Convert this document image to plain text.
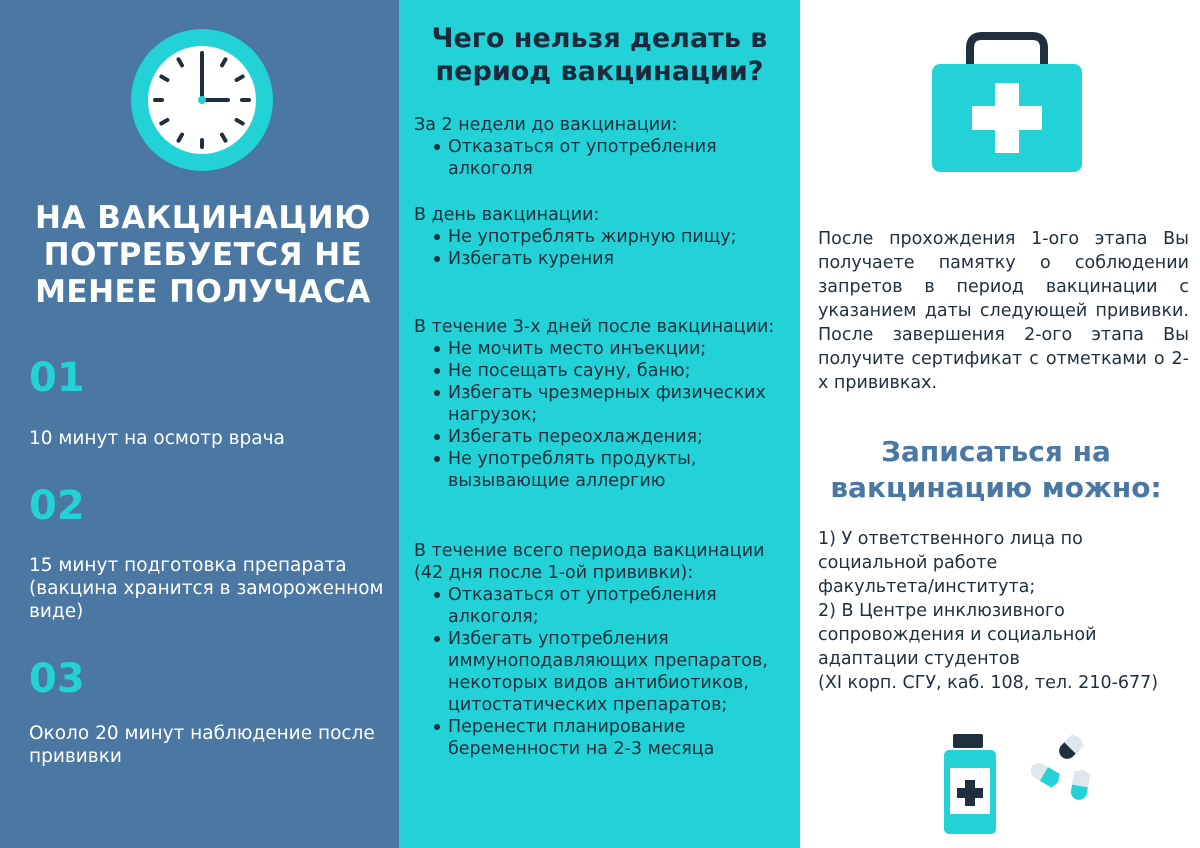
НА ВАКЦИНАЦИЮ
ПОТРЕБУЕТСЯ НЕ
МЕНЕЕ ПОЛУЧАСА
01
10 минут на осмотр врача
02
15 минут подготовка препарата (вакцина хранится в замороженном виде)
03
Около 20 минут наблюдение после прививки
Чего нельзя делать в период вакцинации?
За 2 недели до вакцинации:
Отказаться от употребления алкоголя
В день вакцинации:
Не употреблять жирную пищу;
Избегать курения
В течение 3-х дней после вакцинации:
Не мочить место инъекции;
Не посещать сауну, баню;
Избегать чрезмерных физических нагрузок;
Избегать переохлаждения;
Не употреблять продукты, вызывающие аллергию
В течение всего периода вакцинации (42 дня после 1-ой прививки):
Отказаться от употребления алкоголя;
Избегать употребления иммуноподавляющих препаратов, некоторых видов антибиотиков, цитостатических препаратов;
Перенести планирование беременности на 2-3 месяца
После прохождения 1-ого этапа Вы получаете памятку о соблюдении запретов в период вакцинации с указанием даты следующей прививки. После завершения 2-ого этапа Вы получите сертификат с отметками о 2-х прививках.
Записаться на вакцинацию можно:
1) У ответственного лица по
социальной работе
факультета/института;
2) В Центре инклюзивного
сопровождения и социальной
адаптации студентов
(XI корп. СГУ, каб. 108, тел. 210-677)
